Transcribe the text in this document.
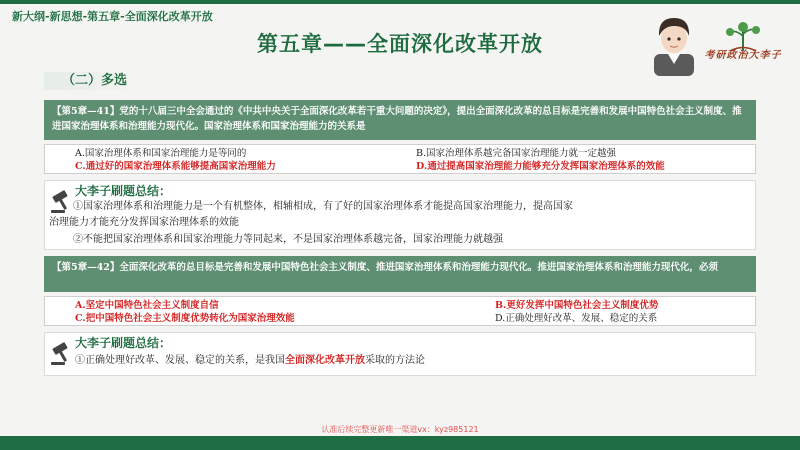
新大纲-新思想-第五章-全面深化改革开放
第五章——全面深化改革开放	考研政治大李子
（二）多选
【第5章—41】党的十八届三中全会通过的《中共中央关于全面深化改革若干重大问题的决定》，提出全面深化改革的总目标是完善和发展中国特色社会主义制度、推进国家治理体系和治理能力现代化。国家治理体系和国家治理能力的关系是
A.国家治理体系和国家治理能力是等同的	B.国家治理体系越完备国家治理能力就一定越强
C.通过好的国家治理体系能够提高国家治理能力	D.通过提高国家治理能力能够充分发挥国家治理体系的效能
大李子刷题总结：
①国家治理体系和治理能力是一个有机整体，相辅相成，有了好的国家治理体系才能提高国家治理能力，提高国家
治理能力才能充分发挥国家治理体系的效能
②不能把国家治理体系和国家治理能力等同起来，不是国家治理体系越完备，国家治理能力就越强
【第5章—42】全面深化改革的总目标是完善和发展中国特色社会主义制度、推进国家治理体系和治理能力现代化。推进国家治理体系和治理能力现代化，必须
A.坚定中国特色社会主义制度自信	B.更好发挥中国特色社会主义制度优势
C.把中国特色社会主义制度优势转化为国家治理效能	D.正确处理好改革、发展、稳定的关系
大李子刷题总结：
①正确处理好改革、发展、稳定的关系，是我国全面深化改革开放采取的方法论
认准后续完整更新唯一渠道vx：kyz985121
